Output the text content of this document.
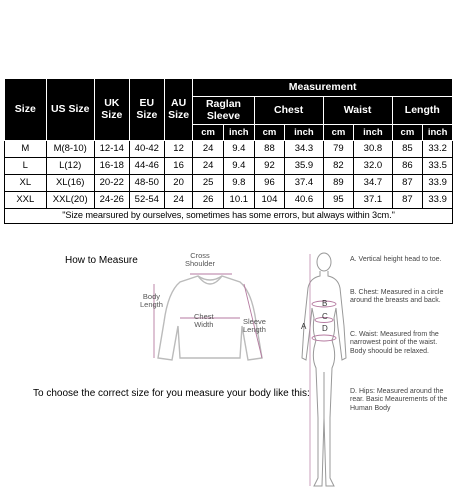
Size	US Size	UK Size	EU Size	AU Size	Measurement							
					Raglan Sleeve		Chest		Waist		Length	
					cm	inch	cm	inch	cm	inch	cm	inch
M	M(8-10)	12-14	40-42	12	24	9.4	88	34.3	79	30.8	85	33.2
L	L(12)	16-18	44-46	16	24	9.4	92	35.9	82	32.0	86	33.5
XL	XL(16)	20-22	48-50	20	25	9.8	96	37.4	89	34.7	87	33.9
XXL	XXL(20)	24-26	52-54	24	26	10.1	104	40.6	95	37.1	87	33.9
"Size mearsured by ourselves, sometimes has some errors, but always within 3cm."												
How to Measure	Cross
Shoulder
Body
Length
Chest
Width	Sleeve
Length
To choose the correct size for you measure your body like this:
A
B
C
D
A. Vertical height head to toe.
B. Chest: Measured in a circle around the breasts and back.
C. Waist: Measured from the narrowest point of the waist. Body shoould be relaxed.
D. Hips: Measured around the rear. Basic Meaurements of the Human Body
